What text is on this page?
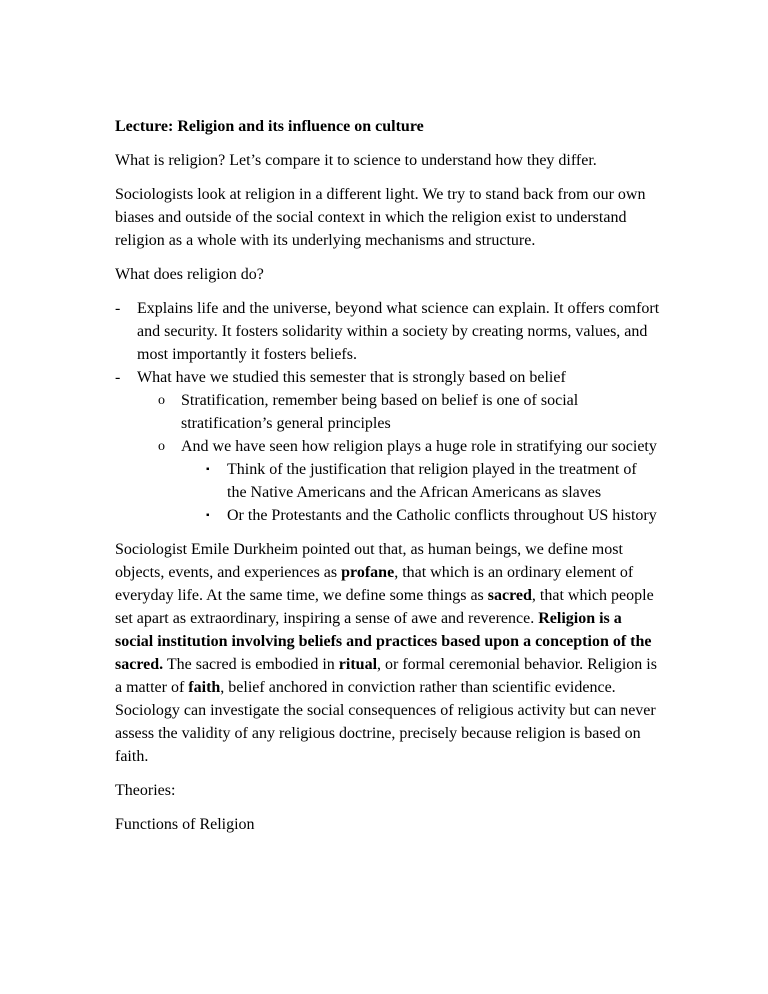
Lecture: Religion and its influence on culture

What is religion? Let’s compare it to science to understand how they differ.

Sociologists look at religion in a different light. We try to stand back from our own biases and outside of the social context in which the religion exist to understand religion as a whole with its underlying mechanisms and structure.

What does religion do?

- Explains life and the universe, beyond what science can explain. It offers comfort and security. It fosters solidarity within a society by creating norms, values, and most importantly it fosters beliefs.
- What have we studied this semester that is strongly based on belief
o Stratification, remember being based on belief is one of social stratification’s general principles
o And we have seen how religion plays a huge role in stratifying our society
▪ Think of the justification that religion played in the treatment of the Native Americans and the African Americans as slaves
▪ Or the Protestants and the Catholic conflicts throughout US history

Sociologist Emile Durkheim pointed out that, as human beings, we define most objects, events, and experiences as profane, that which is an ordinary element of everyday life. At the same time, we define some things as sacred, that which people set apart as extraordinary, inspiring a sense of awe and reverence. Religion is a social institution involving beliefs and practices based upon a conception of the sacred. The sacred is embodied in ritual, or formal ceremonial behavior. Religion is a matter of faith, belief anchored in conviction rather than scientific evidence. Sociology can investigate the social consequences of religious activity but can never assess the validity of any religious doctrine, precisely because religion is based on faith.

Theories:

Functions of Religion
